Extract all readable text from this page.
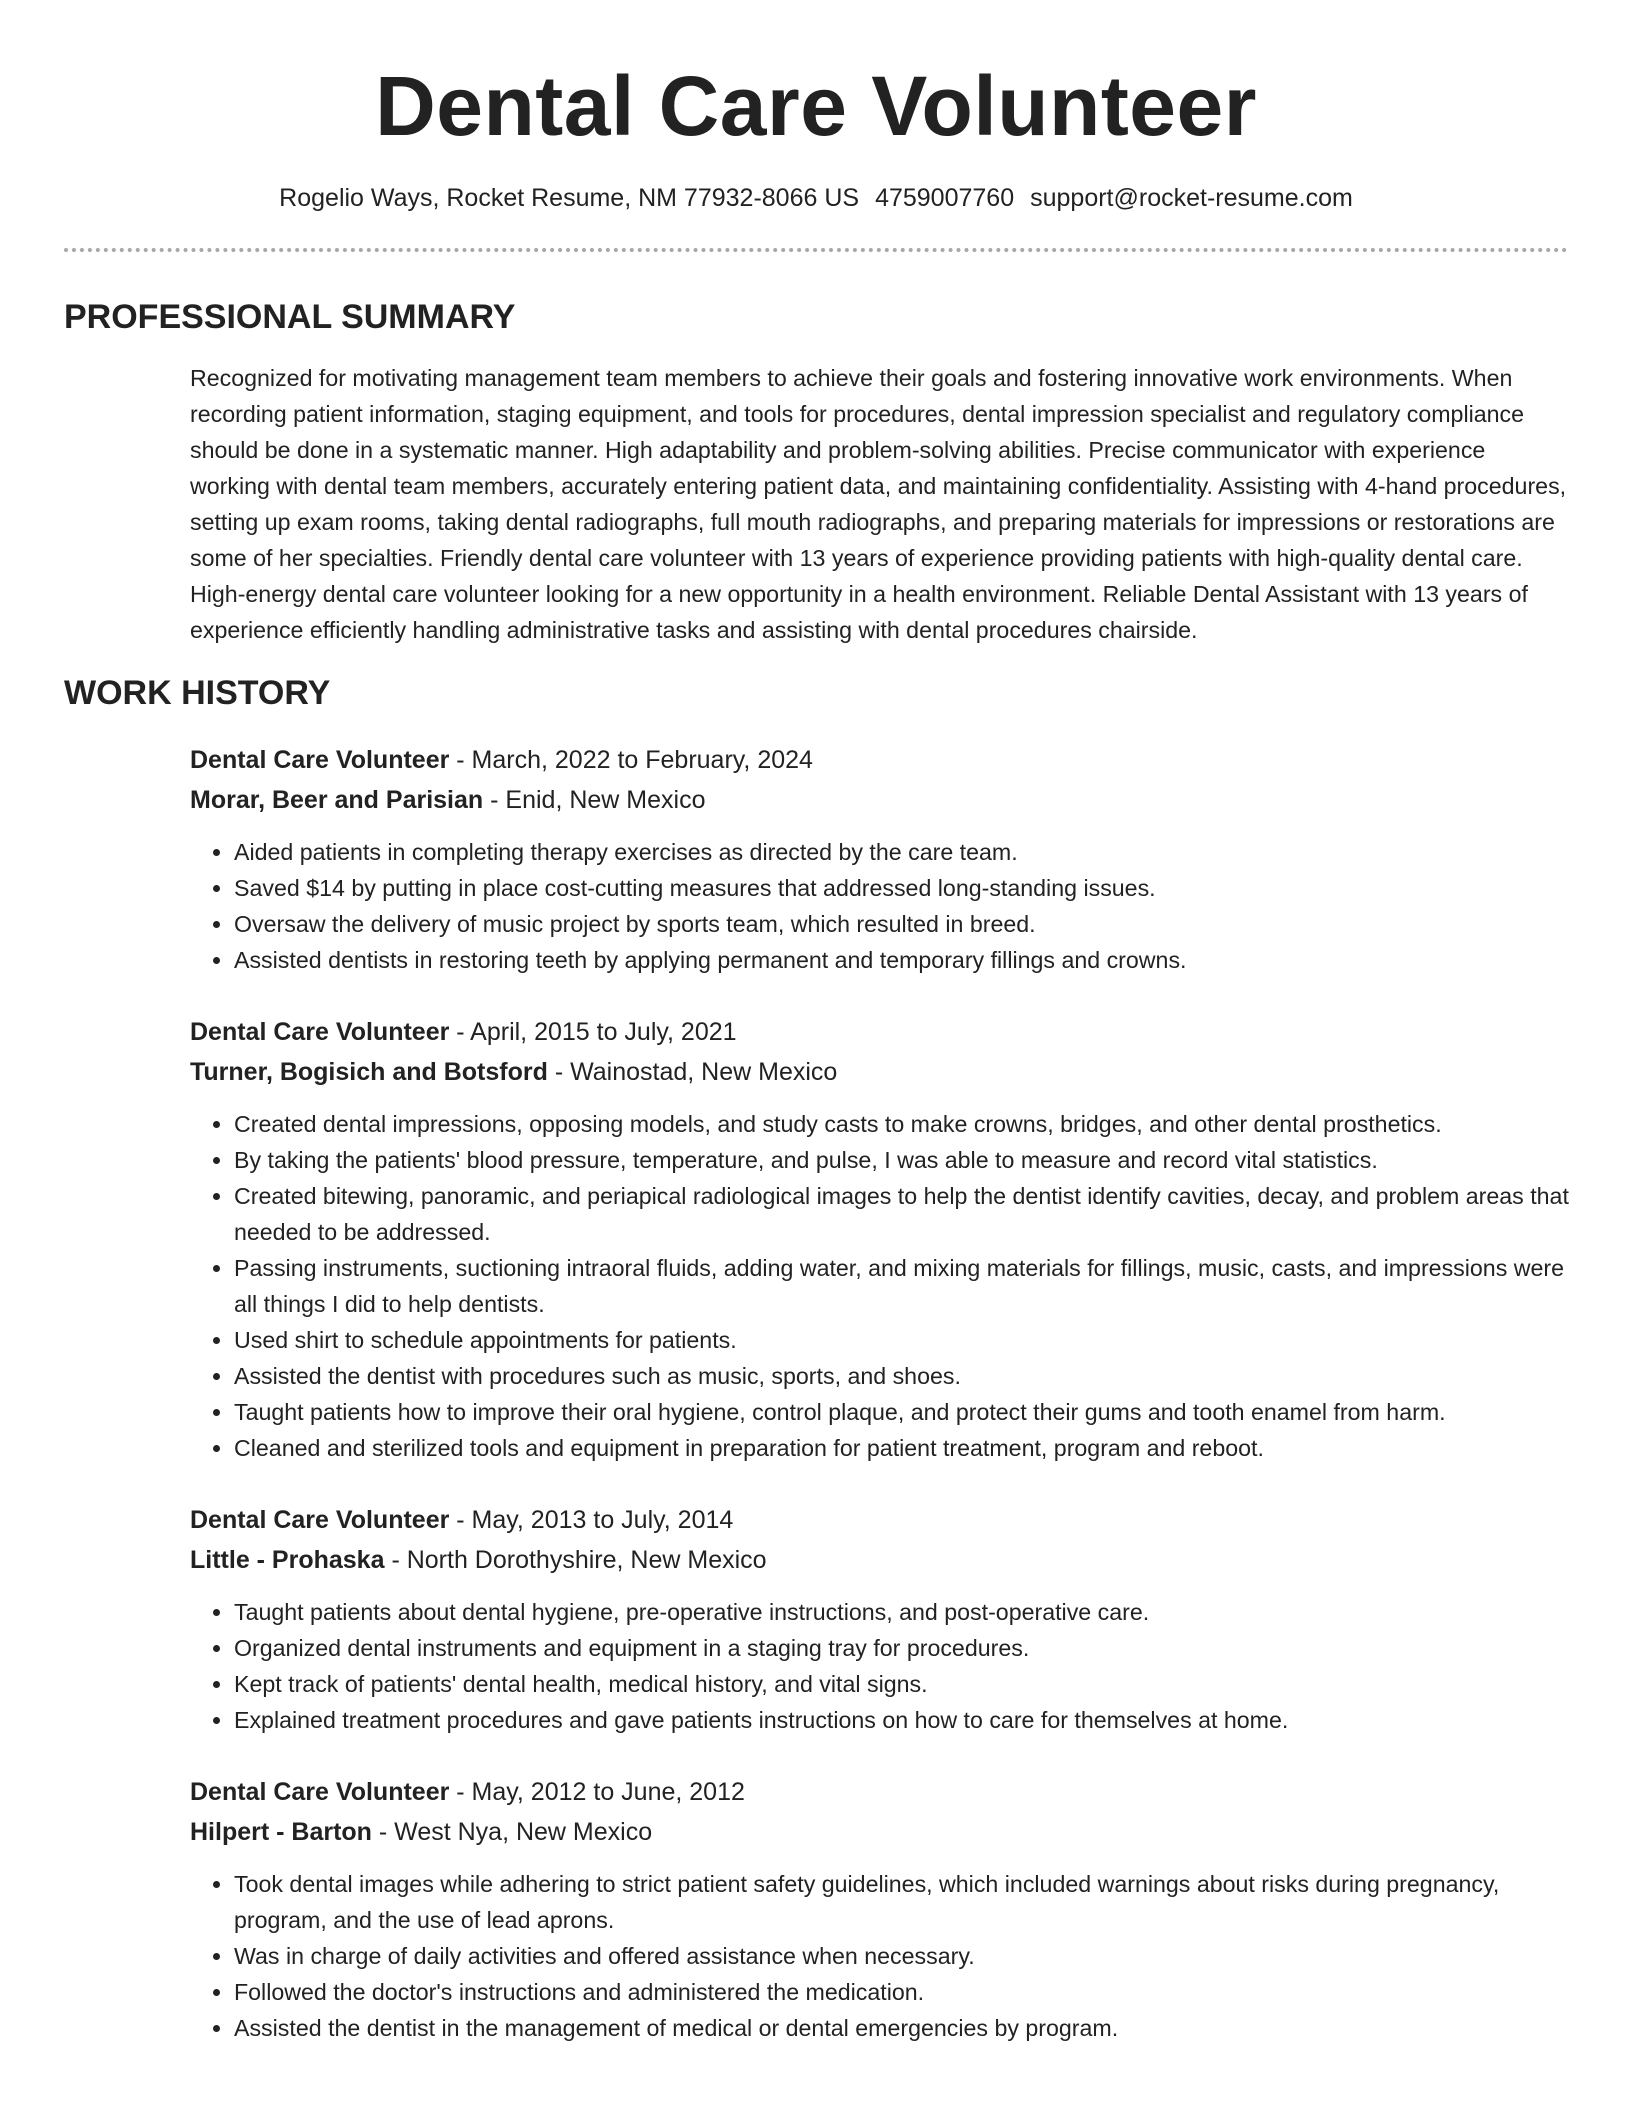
Dental Care Volunteer
Rogelio Ways, Rocket Resume, NM 77932-8066 US 4759007760 support@rocket-resume.com
PROFESSIONAL SUMMARY

Recognized for motivating management team members to achieve their goals and fostering innovative work environments. When recording patient information, staging equipment, and tools for procedures, dental impression specialist and regulatory compliance should be done in a systematic manner. High adaptability and problem-solving abilities. Precise communicator with experience working with dental team members, accurately entering patient data, and maintaining confidentiality. Assisting with 4-hand procedures, setting up exam rooms, taking dental radiographs, full mouth radiographs, and preparing materials for impressions or restorations are some of her specialties. Friendly dental care volunteer with 13 years of experience providing patients with high-quality dental care. High-energy dental care volunteer looking for a new opportunity in a health environment. Reliable Dental Assistant with 13 years of experience efficiently handling administrative tasks and assisting with dental procedures chairside.

WORK HISTORY
Dental Care Volunteer - March, 2022 to February, 2024
Morar, Beer and Parisian - Enid, New Mexico
• Aided patients in completing therapy exercises as directed by the care team.
• Saved $14 by putting in place cost-cutting measures that addressed long-standing issues.
• Oversaw the delivery of music project by sports team, which resulted in breed.
• Assisted dentists in restoring teeth by applying permanent and temporary fillings and crowns.
Dental Care Volunteer - April, 2015 to July, 2021
Turner, Bogisich and Botsford - Wainostad, New Mexico
• Created dental impressions, opposing models, and study casts to make crowns, bridges, and other dental prosthetics.
• By taking the patients' blood pressure, temperature, and pulse, I was able to measure and record vital statistics.
• Created bitewing, panoramic, and periapical radiological images to help the dentist identify cavities, decay, and problem areas that needed to be addressed.
• Passing instruments, suctioning intraoral fluids, adding water, and mixing materials for fillings, music, casts, and impressions were all things I did to help dentists.
• Used shirt to schedule appointments for patients.
• Assisted the dentist with procedures such as music, sports, and shoes.
• Taught patients how to improve their oral hygiene, control plaque, and protect their gums and tooth enamel from harm.
• Cleaned and sterilized tools and equipment in preparation for patient treatment, program and reboot.
Dental Care Volunteer - May, 2013 to July, 2014
Little - Prohaska - North Dorothyshire, New Mexico
• Taught patients about dental hygiene, pre-operative instructions, and post-operative care.
• Organized dental instruments and equipment in a staging tray for procedures.
• Kept track of patients' dental health, medical history, and vital signs.
• Explained treatment procedures and gave patients instructions on how to care for themselves at home.
Dental Care Volunteer - May, 2012 to June, 2012
Hilpert - Barton - West Nya, New Mexico
• Took dental images while adhering to strict patient safety guidelines, which included warnings about risks during pregnancy, program, and the use of lead aprons.
• Was in charge of daily activities and offered assistance when necessary.
• Followed the doctor's instructions and administered the medication.
• Assisted the dentist in the management of medical or dental emergencies by program.
